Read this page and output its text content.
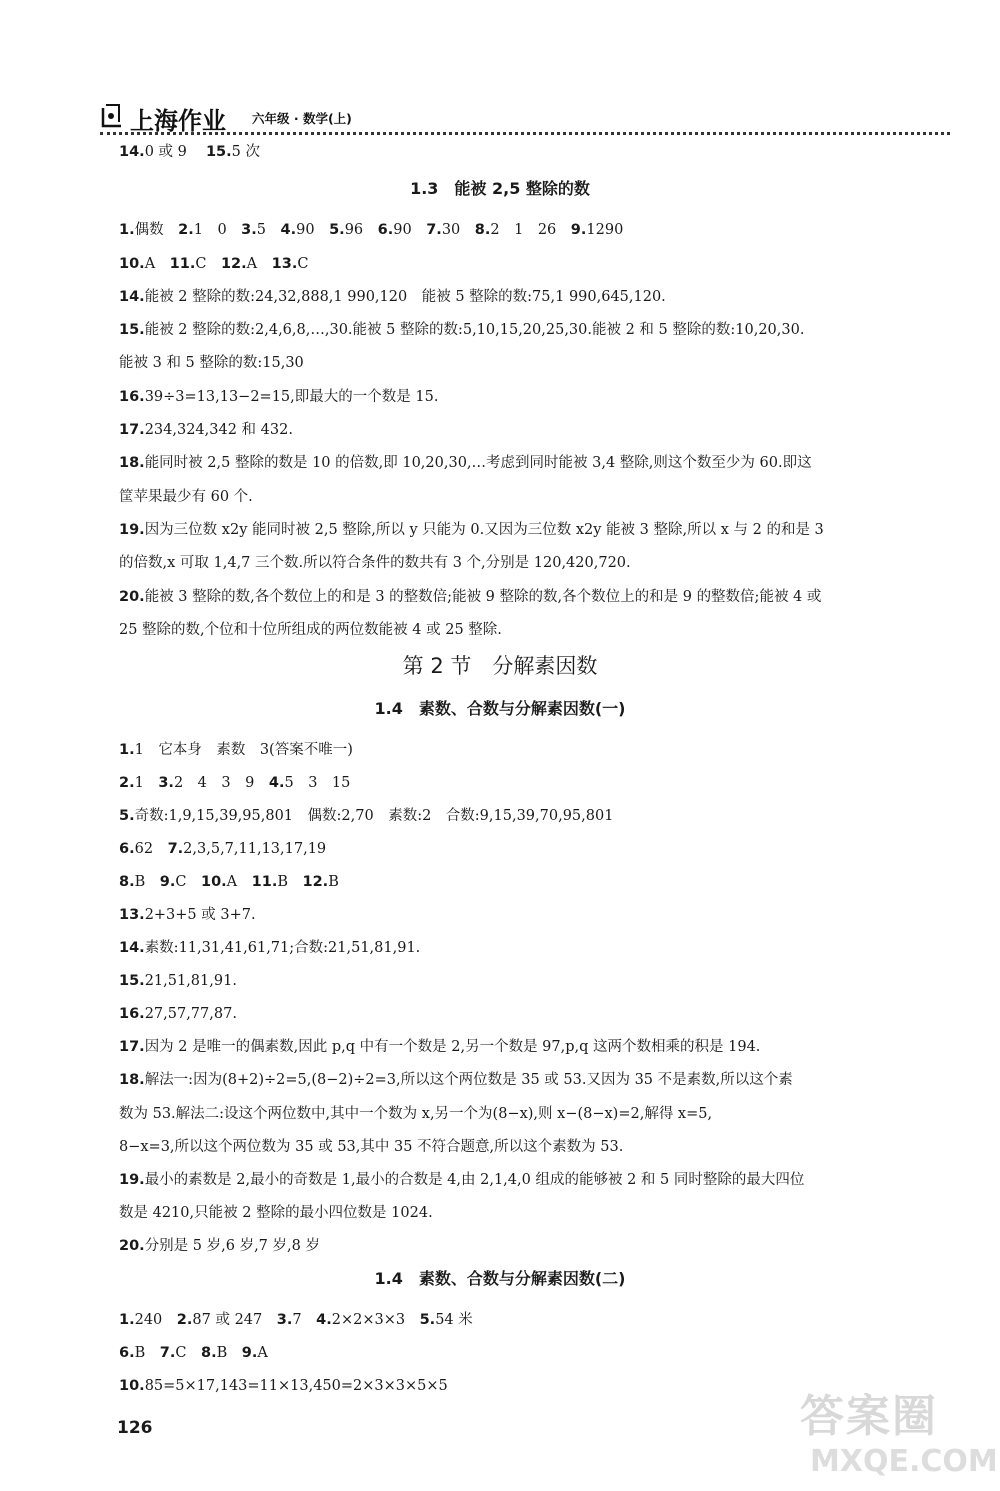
上海作业 六年级 · 数学(上)
14.0 或 9　 15.5 次
1.3　能被 2,5 整除的数
1.偶数　 2.1　0　 3.5　 4.90　 5.96　 6.90　 7.30　 8.2　1　26　 9.1290
10.A　 11.C　 12.A　 13.C
14.能被 2 整除的数:24,32,888,1 990,120　能被 5 整除的数:75,1 990,645,120.
15.能被 2 整除的数:2,4,6,8,…,30.能被 5 整除的数:5,10,15,20,25,30.能被 2 和 5 整除的数:10,20,30.
能被 3 和 5 整除的数:15,30
16.39÷3=13,13−2=15,即最大的一个数是 15.
17.234,324,342 和 432.
18.能同时被 2,5 整除的数是 10 的倍数,即 10,20,30,…考虑到同时能被 3,4 整除,则这个数至少为 60.即这
筐苹果最少有 60 个.
19.因为三位数 x2y 能同时被 2,5 整除,所以 y 只能为 0.又因为三位数 x2y 能被 3 整除,所以 x 与 2 的和是 3
的倍数,x 可取 1,4,7 三个数.所以符合条件的数共有 3 个,分别是 120,420,720.
20.能被 3 整除的数,各个数位上的和是 3 的整数倍;能被 9 整除的数,各个数位上的和是 9 的整数倍;能被 4 或
25 整除的数,个位和十位所组成的两位数能被 4 或 25 整除.
第 2 节　分解素因数
1.4　素数、合数与分解素因数(一)
1.1　它本身　素数　3(答案不唯一)
2.1　 3.2　4　3　9　 4.5　3　15
5.奇数:1,9,15,39,95,801　偶数:2,70　素数:2　合数:9,15,39,70,95,801
6.62　 7.2,3,5,7,11,13,17,19
8.B　 9.C　 10.A　 11.B　 12.B
13.2+3+5 或 3+7.
14.素数:11,31,41,61,71;合数:21,51,81,91.
15.21,51,81,91.
16.27,57,77,87.
17.因为 2 是唯一的偶素数,因此 p,q 中有一个数是 2,另一个数是 97,p,q 这两个数相乘的积是 194.
18.解法一:因为(8+2)÷2=5,(8−2)÷2=3,所以这个两位数是 35 或 53.又因为 35 不是素数,所以这个素
数为 53.解法二:设这个两位数中,其中一个数为 x,另一个为(8−x),则 x−(8−x)=2,解得 x=5,
8−x=3,所以这个两位数为 35 或 53,其中 35 不符合题意,所以这个素数为 53.
19.最小的素数是 2,最小的奇数是 1,最小的合数是 4,由 2,1,4,0 组成的能够被 2 和 5 同时整除的最大四位
数是 4210,只能被 2 整除的最小四位数是 1024.
20.分别是 5 岁,6 岁,7 岁,8 岁
1.4　素数、合数与分解素因数(二)
1.240　 2.87 或 247　 3.7　 4.2×2×3×3　 5.54 米
6.B　 7.C　 8.B　 9.A
10.85=5×17,143=11×13,450=2×3×3×5×5
126	答案圈
MXQE.COM
